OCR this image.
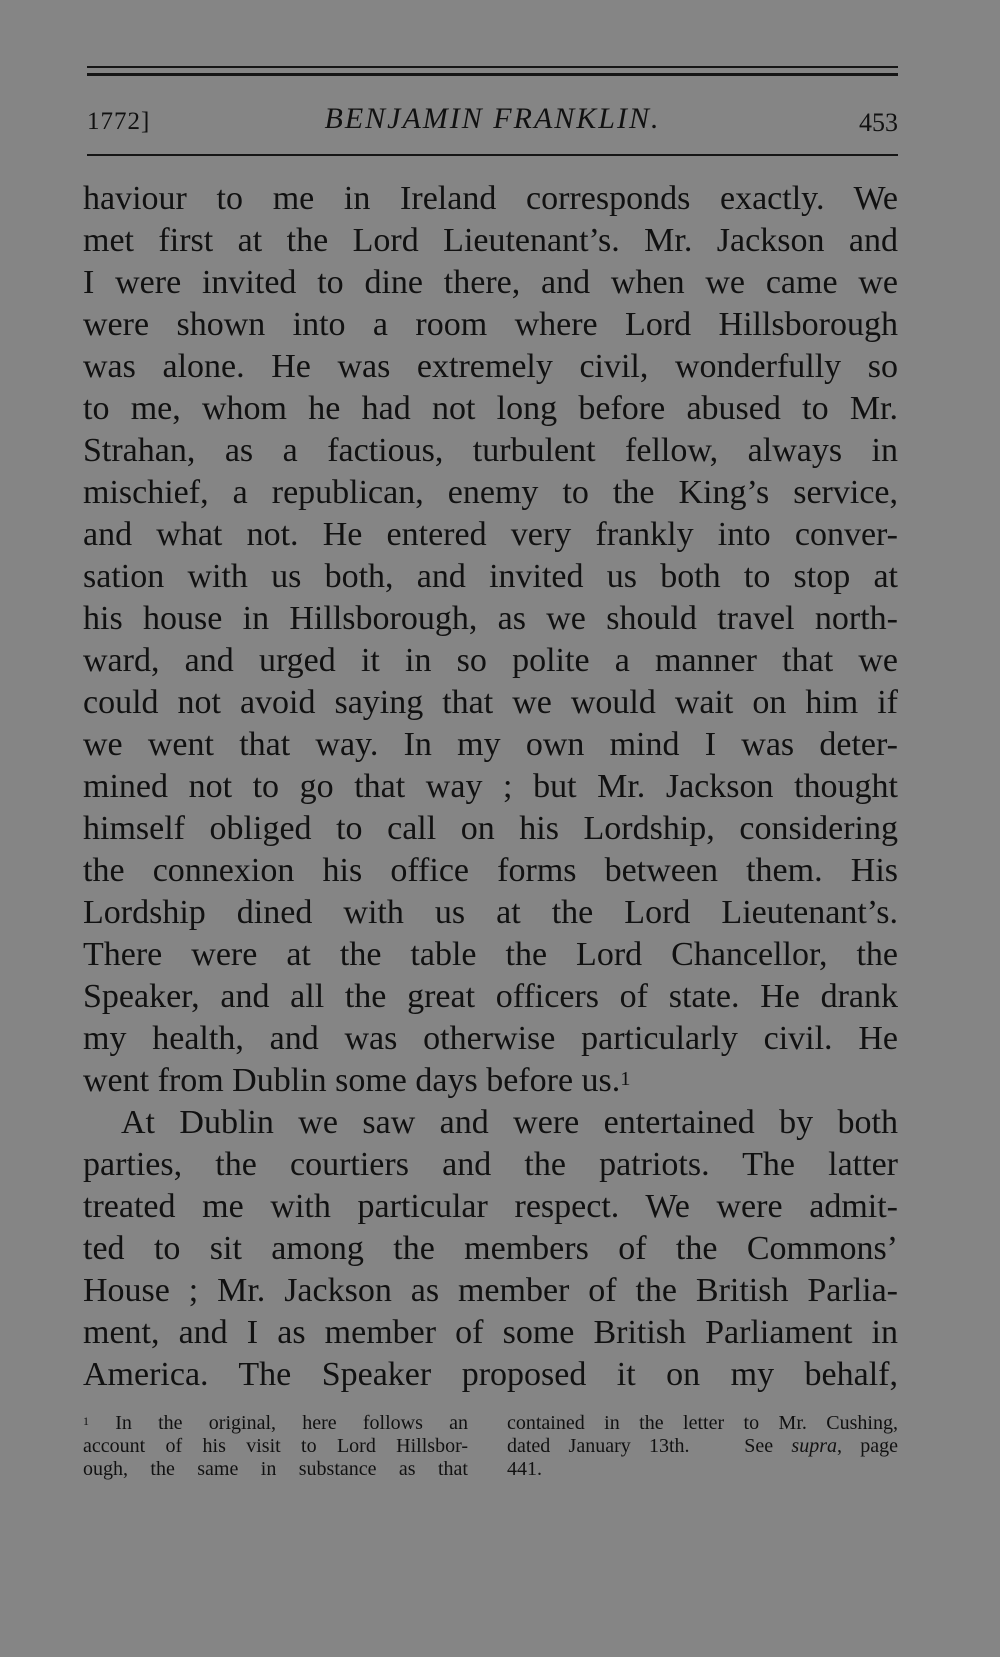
1772]	BENJAMIN FRANKLIN.	453
haviour to me in Ireland corresponds exactly. We
met first at the Lord Lieutenant’s. Mr. Jackson and
I were invited to dine there, and when we came we
were shown into a room where Lord Hillsborough
was alone. He was extremely civil, wonderfully so
to me, whom he had not long before abused to Mr.
Strahan, as a factious, turbulent fellow, always in
mischief, a republican, enemy to the King’s service,
and what not. He entered very frankly into conver-
sation with us both, and invited us both to stop at
his house in Hillsborough, as we should travel north-
ward, and urged it in so polite a manner that we
could not avoid saying that we would wait on him if
we went that way. In my own mind I was deter-
mined not to go that way ; but Mr. Jackson thought
himself obliged to call on his Lordship, considering
the connexion his office forms between them. His
Lordship dined with us at the Lord Lieutenant’s.
There were at the table the Lord Chancellor, the
Speaker, and all the great officers of state. He drank
my health, and was otherwise particularly civil. He
went from Dublin some days before us.$^1$
At Dublin we saw and were entertained by both
parties, the courtiers and the patriots. The latter
treated me with particular respect. We were admit-
ted to sit among the members of the Commons’
House ; Mr. Jackson as member of the British Parlia-
ment, and I as member of some British Parliament in
America. The Speaker proposed it on my behalf,
$^1$ In the original, here follows an
account of his visit to Lord Hillsbor-
ough, the same in substance as that
contained in the letter to Mr. Cushing,
dated January 13th.	See supra, page
441.
